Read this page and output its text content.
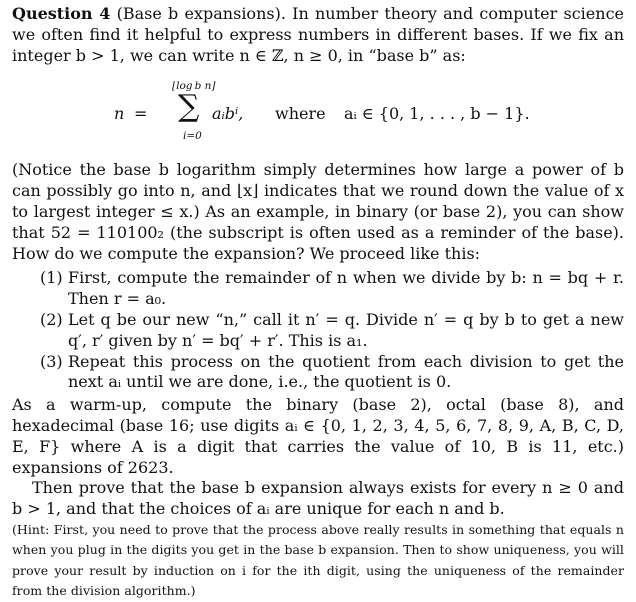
Question 4 (Base b expansions). In number theory and computer science we often find it helpful to express numbers in different bases. If we fix an integer b > 1, we can write n ∈ ℤ, n ≥ 0, in “base b” as:

n =
⌊log b n⌋
∑
i=0
aᵢbⁱ, where aᵢ ∈ {0, 1, . . . , b − 1}.

(Notice the base b logarithm simply determines how large a power of b can possibly go into n, and ⌊x⌋ indicates that we round down the value of x to largest integer ≤ x.) As an example, in binary (or base 2), you can show that 52 = 110100₂ (the subscript is often used as a reminder of the base). How do we compute the expansion? We proceed like this:

(1) First, compute the remainder of n when we divide by b: n = bq + r. Then r = a₀.
(2) Let q be our new “n,” call it n′ = q. Divide n′ = q by b to get a new q′, r′ given by n′ = bq′ + r′. This is a₁.
(3) Repeat this process on the quotient from each division to get the next aᵢ until we are done, i.e., the quotient is 0.

As a warm-up, compute the binary (base 2), octal (base 8), and hexadecimal (base 16; use digits aᵢ ∈ {0, 1, 2, 3, 4, 5, 6, 7, 8, 9, A, B, C, D, E, F} where A is a digit that carries the value of 10, B is 11, etc.) expansions of 2623.

Then prove that the base b expansion always exists for every n ≥ 0 and b > 1, and that the choices of aᵢ are unique for each n and b.

(Hint: First, you need to prove that the process above really results in something that equals n when you plug in the digits you get in the base b expansion. Then to show uniqueness, you will prove your result by induction on i for the ith digit, using the uniqueness of the remainder from the division algorithm.)
